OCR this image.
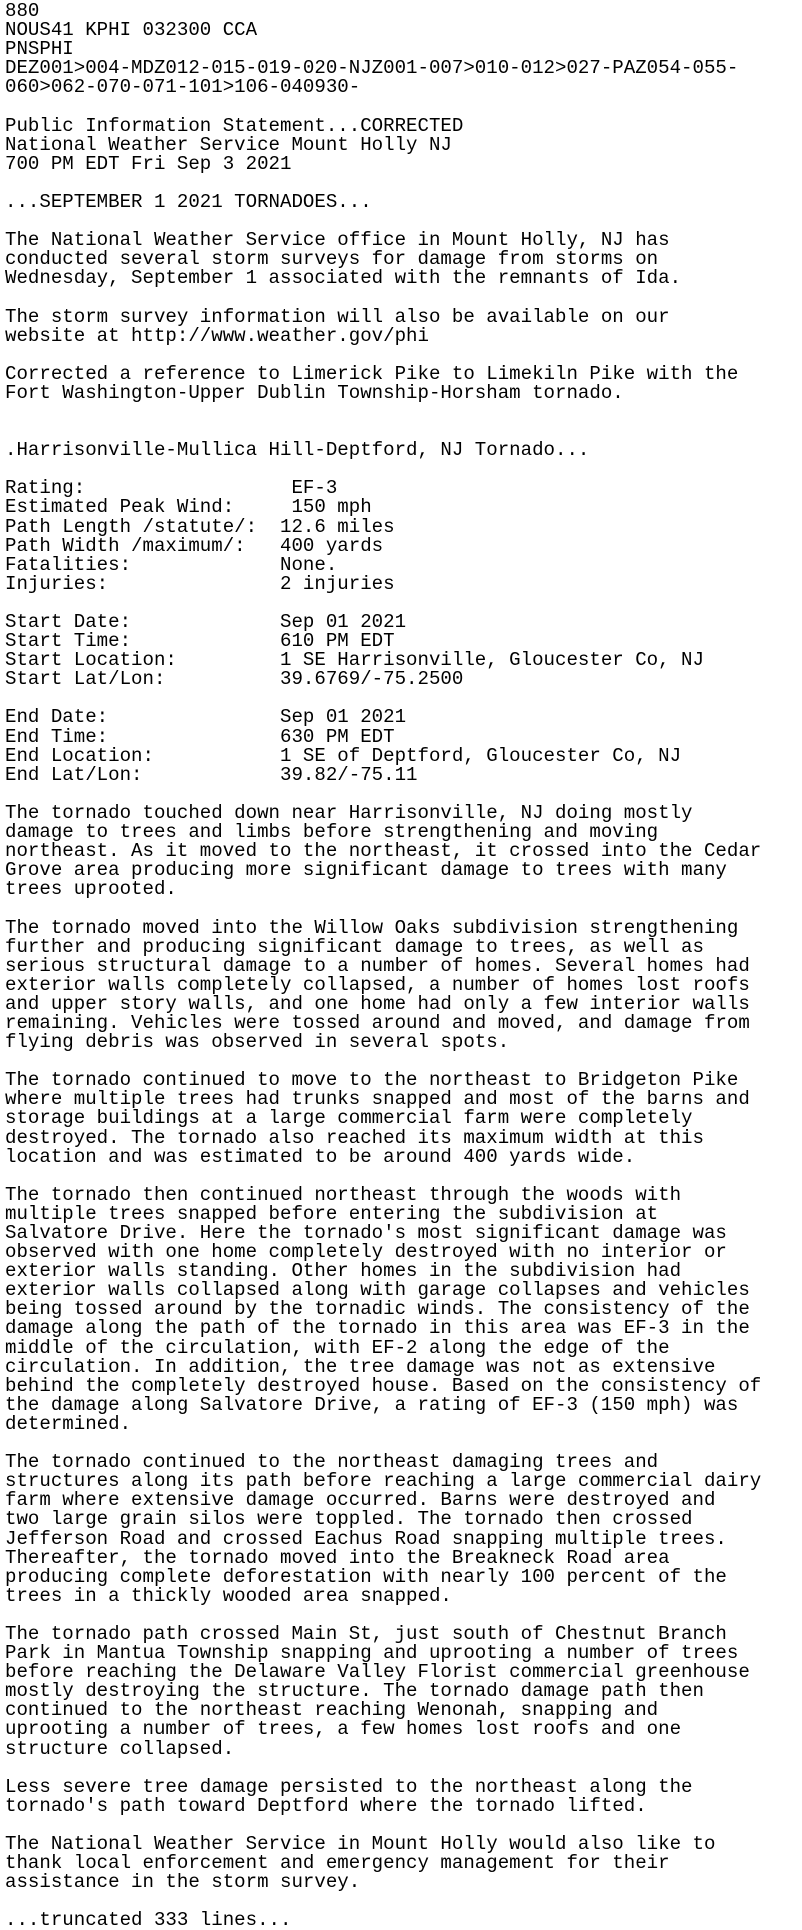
880
NOUS41 KPHI 032300 CCA
PNSPHI
DEZ001>004-MDZ012-015-019-020-NJZ001-007>010-012>027-PAZ054-055-
060>062-070-071-101>106-040930-
Public Information Statement...CORRECTED
National Weather Service Mount Holly NJ
700 PM EDT Fri Sep 3 2021
...SEPTEMBER 1 2021 TORNADOES...
The National Weather Service office in Mount Holly, NJ has
conducted several storm surveys for damage from storms on
Wednesday, September 1 associated with the remnants of Ida.
The storm survey information will also be available on our
website at http://www.weather.gov/phi
Corrected a reference to Limerick Pike to Limekiln Pike with the
Fort Washington-Upper Dublin Township-Horsham tornado.
.Harrisonville-Mullica Hill-Deptford, NJ Tornado...
Rating:                  EF-3
Estimated Peak Wind:     150 mph
Path Length /statute/:  12.6 miles
Path Width /maximum/:   400 yards
Fatalities:             None.
Injuries:               2 injuries
Start Date:             Sep 01 2021
Start Time:             610 PM EDT
Start Location:         1 SE Harrisonville, Gloucester Co, NJ
Start Lat/Lon:          39.6769/-75.2500
End Date:               Sep 01 2021
End Time:               630 PM EDT
End Location:           1 SE of Deptford, Gloucester Co, NJ
End Lat/Lon:            39.82/-75.11
The tornado touched down near Harrisonville, NJ doing mostly
damage to trees and limbs before strengthening and moving
northeast. As it moved to the northeast, it crossed into the Cedar
Grove area producing more significant damage to trees with many
trees uprooted.
The tornado moved into the Willow Oaks subdivision strengthening
further and producing significant damage to trees, as well as
serious structural damage to a number of homes. Several homes had
exterior walls completely collapsed, a number of homes lost roofs
and upper story walls, and one home had only a few interior walls
remaining. Vehicles were tossed around and moved, and damage from
flying debris was observed in several spots.
The tornado continued to move to the northeast to Bridgeton Pike
where multiple trees had trunks snapped and most of the barns and
storage buildings at a large commercial farm were completely
destroyed. The tornado also reached its maximum width at this
location and was estimated to be around 400 yards wide.
The tornado then continued northeast through the woods with
multiple trees snapped before entering the subdivision at
Salvatore Drive. Here the tornado's most significant damage was
observed with one home completely destroyed with no interior or
exterior walls standing. Other homes in the subdivision had
exterior walls collapsed along with garage collapses and vehicles
being tossed around by the tornadic winds. The consistency of the
damage along the path of the tornado in this area was EF-3 in the
middle of the circulation, with EF-2 along the edge of the
circulation. In addition, the tree damage was not as extensive
behind the completely destroyed house. Based on the consistency of
the damage along Salvatore Drive, a rating of EF-3 (150 mph) was
determined.
The tornado continued to the northeast damaging trees and
structures along its path before reaching a large commercial dairy
farm where extensive damage occurred. Barns were destroyed and
two large grain silos were toppled. The tornado then crossed
Jefferson Road and crossed Eachus Road snapping multiple trees.
Thereafter, the tornado moved into the Breakneck Road area
producing complete deforestation with nearly 100 percent of the
trees in a thickly wooded area snapped.
The tornado path crossed Main St, just south of Chestnut Branch
Park in Mantua Township snapping and uprooting a number of trees
before reaching the Delaware Valley Florist commercial greenhouse
mostly destroying the structure. The tornado damage path then
continued to the northeast reaching Wenonah, snapping and
uprooting a number of trees, a few homes lost roofs and one
structure collapsed.
Less severe tree damage persisted to the northeast along the
tornado's path toward Deptford where the tornado lifted.
The National Weather Service in Mount Holly would also like to
thank local enforcement and emergency management for their
assistance in the storm survey.
...truncated 333 lines...
